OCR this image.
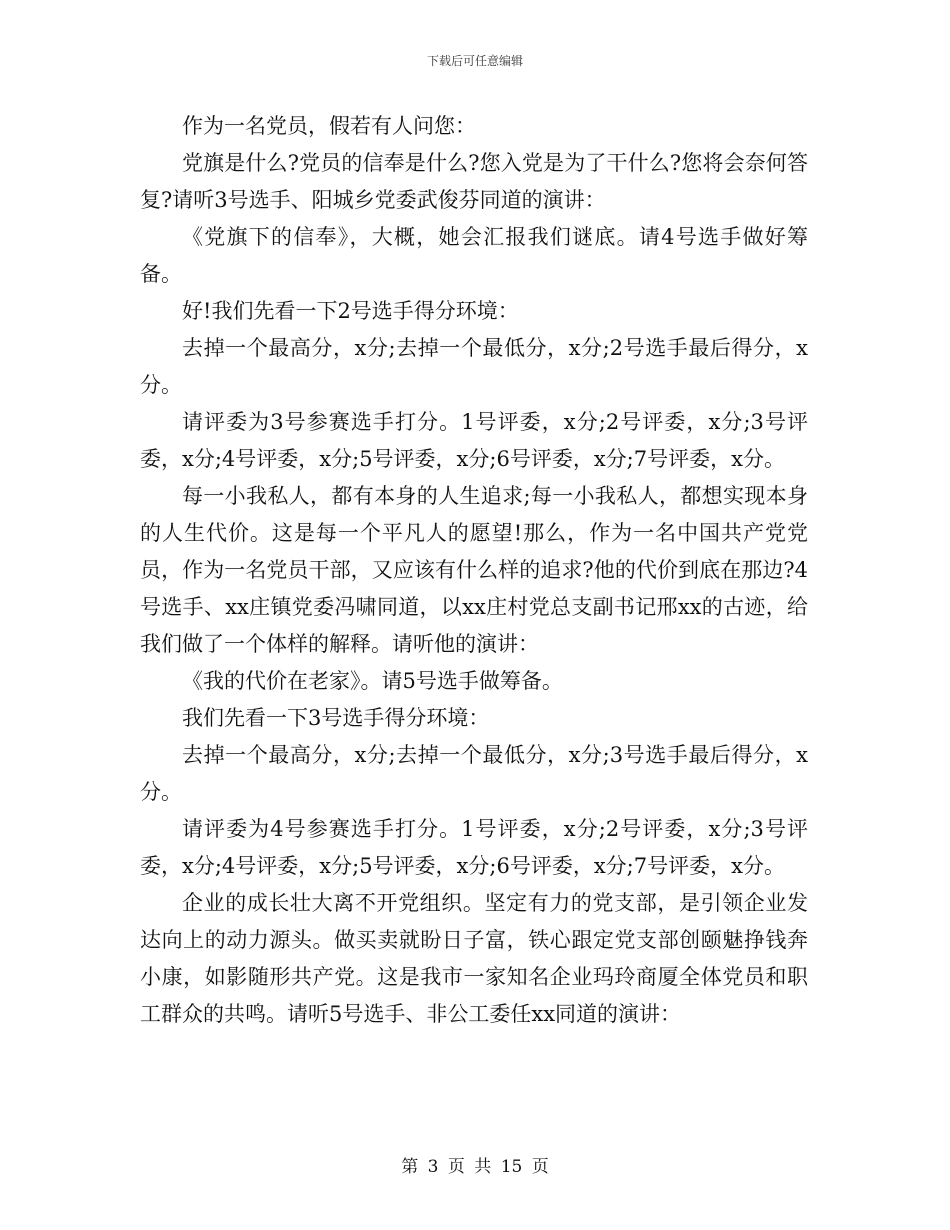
下载后可任意编辑

作为一名党员，假若有人问您：

党旗是什么?党员的信奉是什么?您入党是为了干什么?您将会奈何答复?请听3号选手、阳城乡党委武俊芬同道的演讲：

《党旗下的信奉》，大概，她会汇报我们谜底。请4号选手做好筹备。

好!我们先看一下2号选手得分环境：

去掉一个最高分，x分;去掉一个最低分，x分;2号选手最后得分，x分。

请评委为3号参赛选手打分。1号评委，x分;2号评委，x分;3号评委，x分;4号评委，x分;5号评委，x分;6号评委，x分;7号评委，x分。

每一小我私人，都有本身的人生追求;每一小我私人，都想实现本身的人生代价。这是每一个平凡人的愿望!那么，作为一名中国共产党党员，作为一名党员干部，又应该有什么样的追求?他的代价到底在那边?4号选手、xx庄镇党委冯啸同道，以xx庄村党总支副书记邢xx的古迹，给我们做了一个体样的解释。请听他的演讲：

《我的代价在老家》。请5号选手做筹备。

我们先看一下3号选手得分环境：

去掉一个最高分，x分;去掉一个最低分，x分;3号选手最后得分，x分。

请评委为4号参赛选手打分。1号评委，x分;2号评委，x分;3号评委，x分;4号评委，x分;5号评委，x分;6号评委，x分;7号评委，x分。

企业的成长壮大离不开党组织。坚定有力的党支部，是引领企业发达向上的动力源头。做买卖就盼日子富，铁心跟定党支部创颐魅挣钱奔小康，如影随形共产党。这是我市一家知名企业玛玲商厦全体党员和职工群众的共鸣。请听5号选手、非公工委任xx同道的演讲：

第 3 页 共 15 页
